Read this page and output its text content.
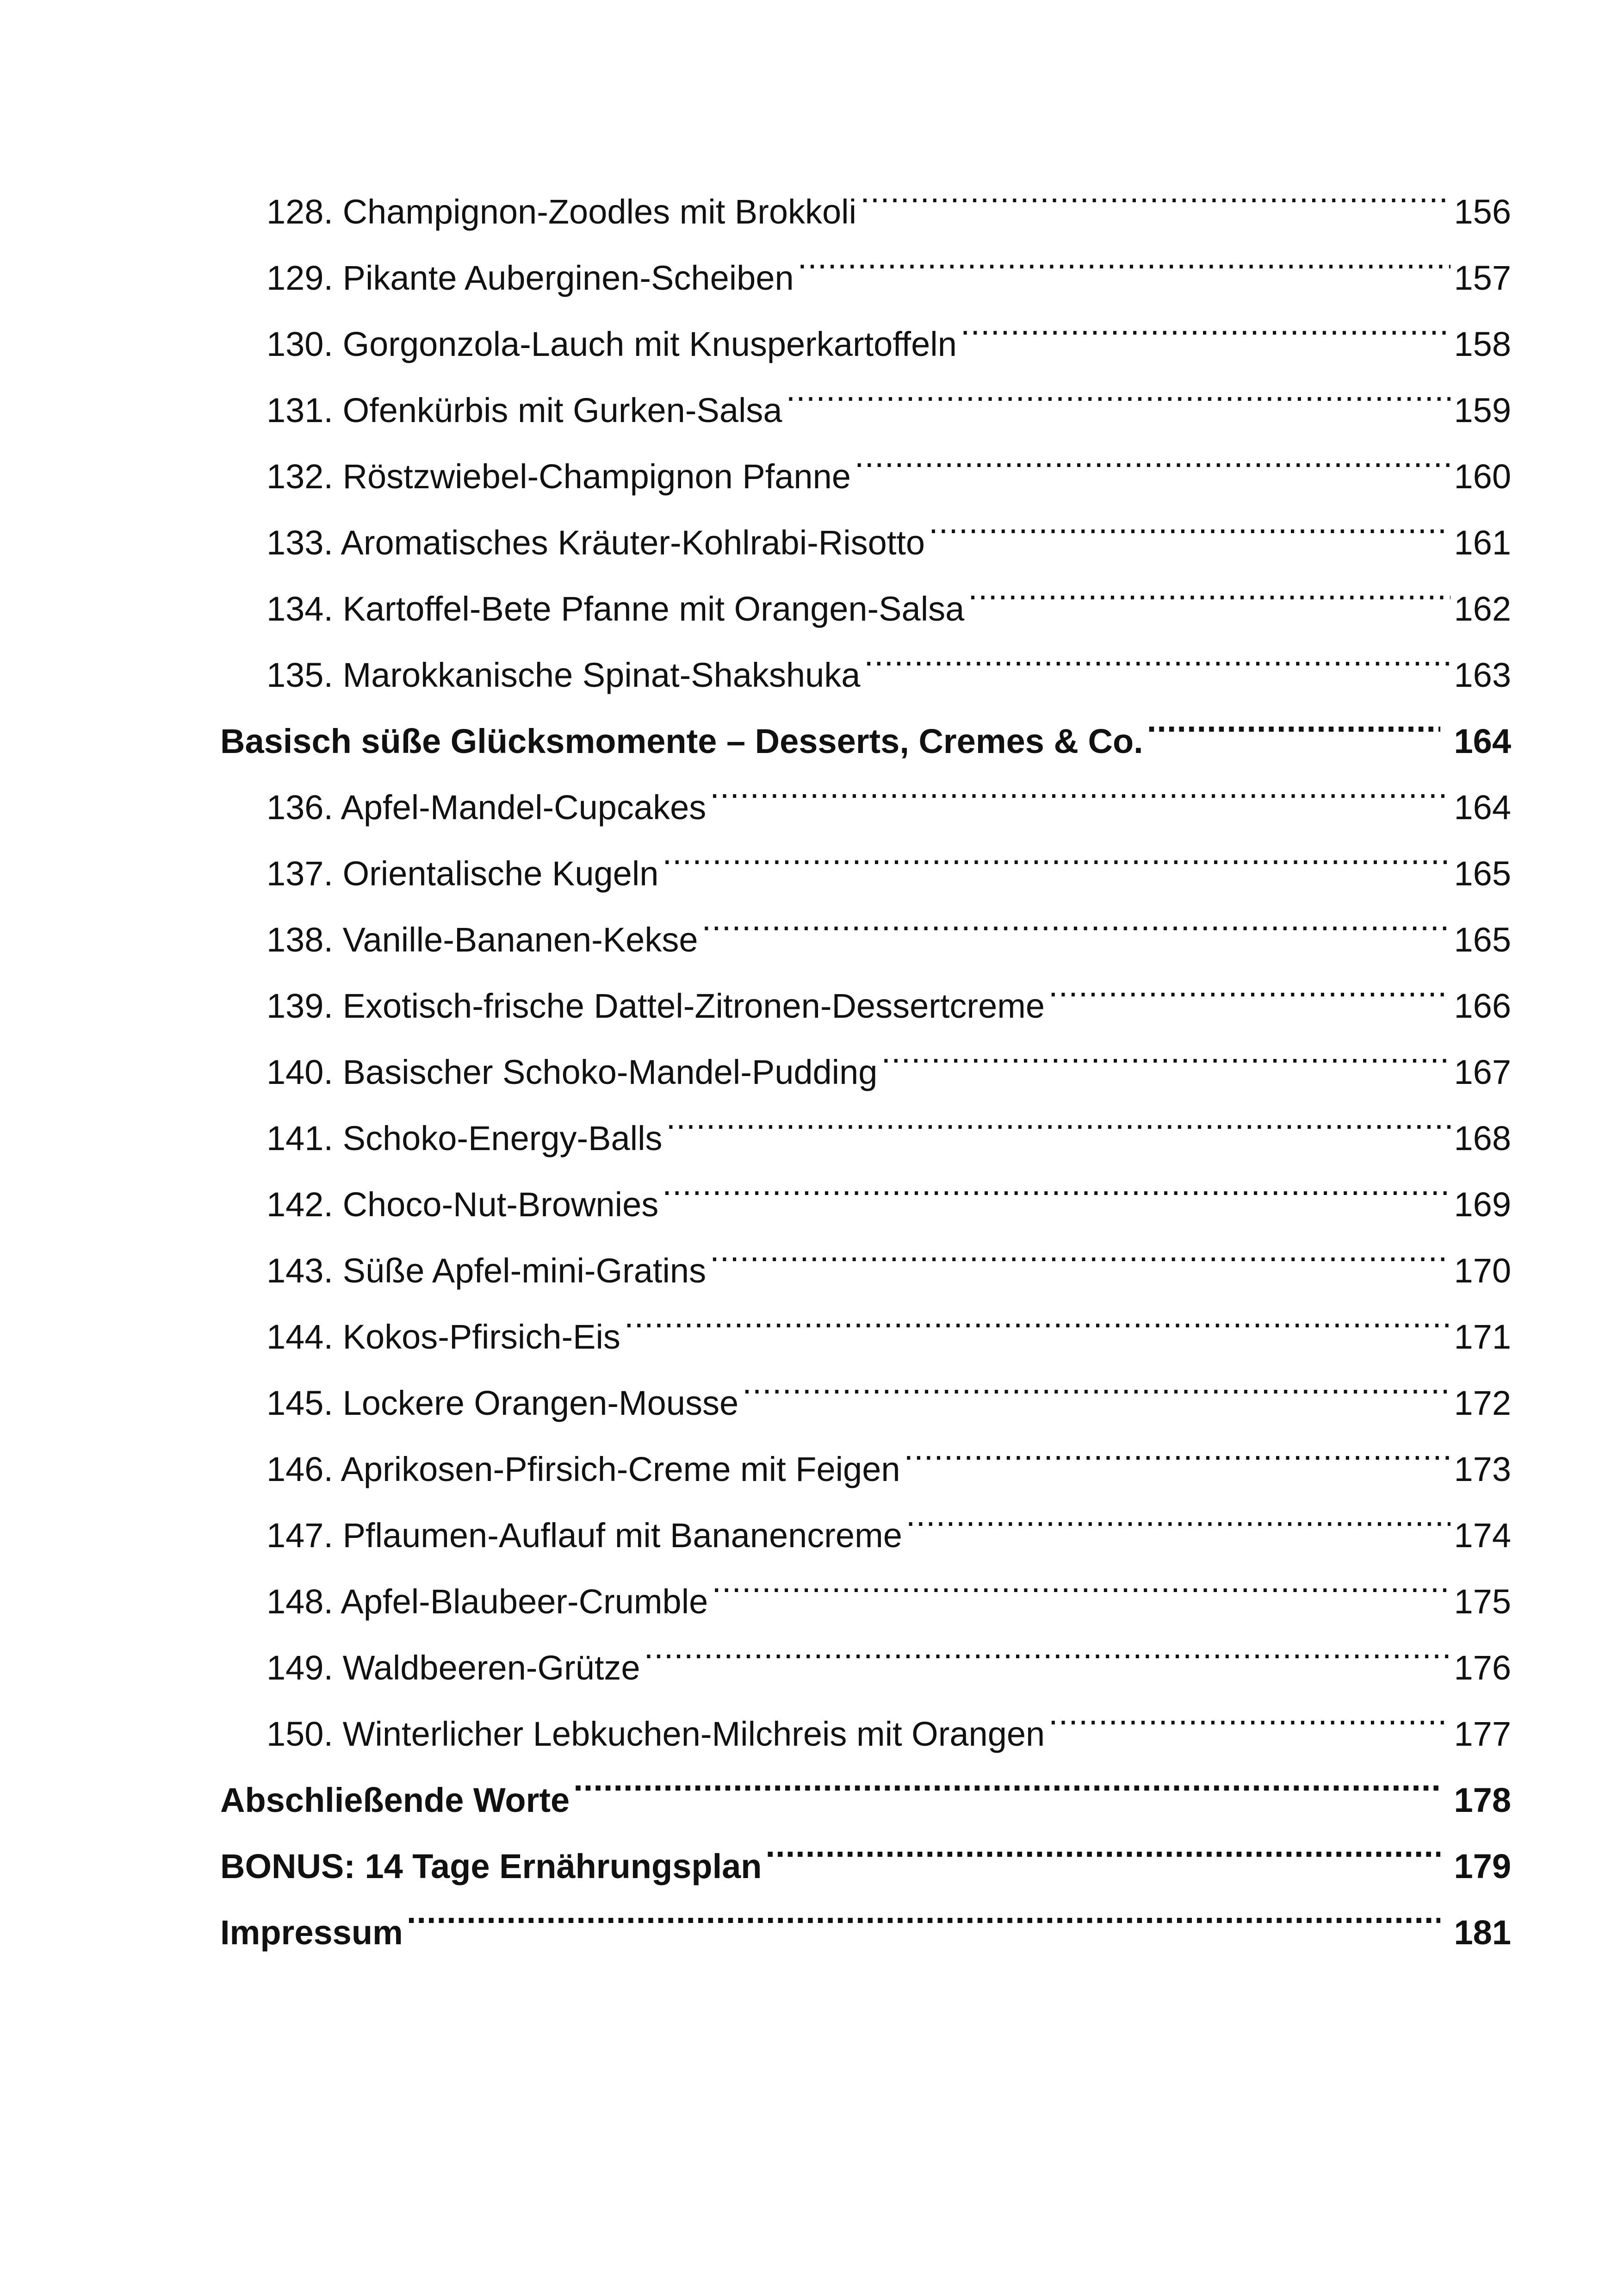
128. Champignon-Zoodles mit Brokkoli .....	156
129. Pikante Auberginen-Scheiben .....	157
130. Gorgonzola-Lauch mit Knusperkartoffeln .....	158
131. Ofenkürbis mit Gurken-Salsa .....	159
132. Röstzwiebel-Champignon Pfanne .....	160
133. Aromatisches Kräuter-Kohlrabi-Risotto .....	161
134. Kartoffel-Bete Pfanne mit Orangen-Salsa .....	162
135. Marokkanische Spinat-Shakshuka .....	163
Basisch süße Glücksmomente – Desserts, Cremes & Co. .....	164
136. Apfel-Mandel-Cupcakes .....	164
137. Orientalische Kugeln .....	165
138. Vanille-Bananen-Kekse .....	165
139. Exotisch-frische Dattel-Zitronen-Dessertcreme .....	166
140. Basischer Schoko-Mandel-Pudding .....	167
141. Schoko-Energy-Balls .....	168
142. Choco-Nut-Brownies .....	169
143. Süße Apfel-mini-Gratins .....	170
144. Kokos-Pfirsich-Eis .....	171
145. Lockere Orangen-Mousse .....	172
146. Aprikosen-Pfirsich-Creme mit Feigen .....	173
147. Pflaumen-Auflauf mit Bananencreme .....	174
148. Apfel-Blaubeer-Crumble .....	175
149. Waldbeeren-Grütze .....	176
150. Winterlicher Lebkuchen-Milchreis mit Orangen .....	177
Abschließende Worte .....	178
BONUS: 14 Tage Ernährungsplan .....	179
Impressum .....	181
